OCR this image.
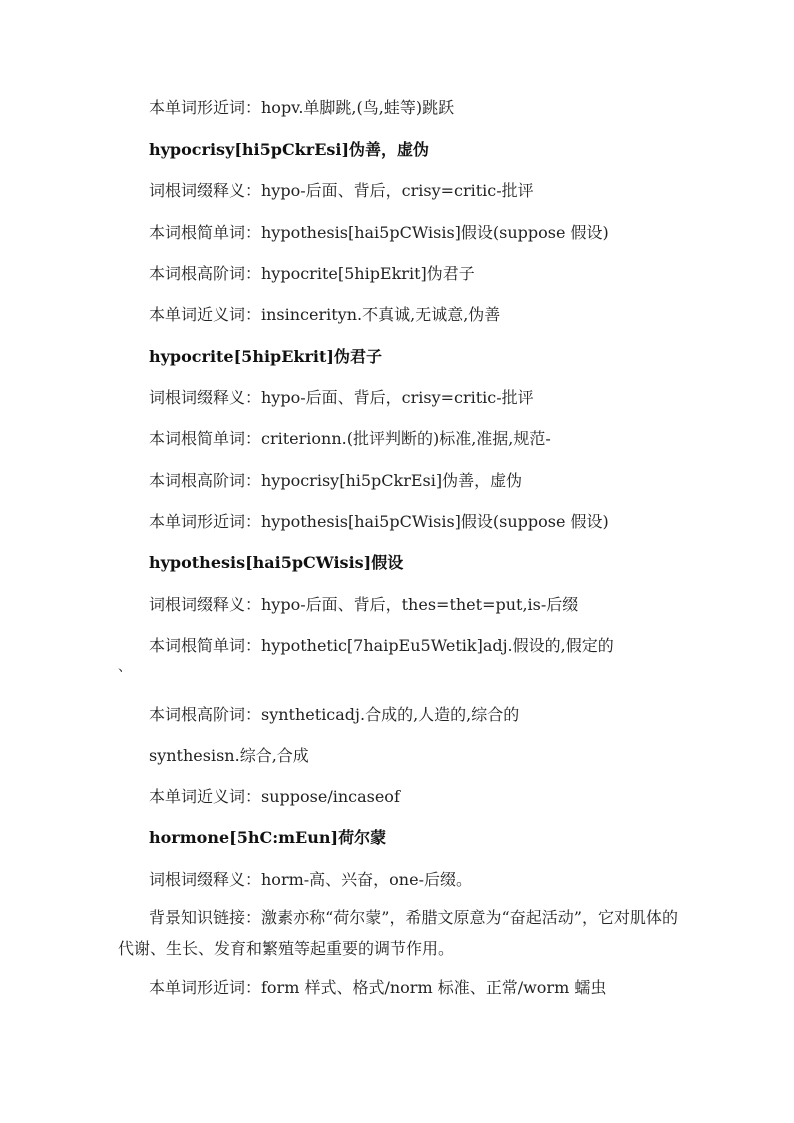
本单词形近词：hopv.单脚跳,(鸟,蛙等)跳跃
hypocrisy[hi5pCkrEsi]伪善，虚伪
词根词缀释义：hypo-后面、背后，crisy=critic-批评
本词根简单词：hypothesis[hai5pCWisis]假设(suppose 假设)
本词根高阶词：hypocrite[5hipEkrit]伪君子
本单词近义词：insincerityn.不真诚,无诚意,伪善
hypocrite[5hipEkrit]伪君子
词根词缀释义：hypo-后面、背后，crisy=critic-批评
本词根简单词：criterionn.(批评判断的)标准,准据,规范-
本词根高阶词：hypocrisy[hi5pCkrEsi]伪善，虚伪
本单词形近词：hypothesis[hai5pCWisis]假设(suppose 假设)
hypothesis[hai5pCWisis]假设
词根词缀释义：hypo-后面、背后，thes=thet=put,is-后缀
本词根简单词：hypothetic[7haipEu5Wetik]adj.假设的,假定的
、
本词根高阶词：syntheticadj.合成的,人造的,综合的
synthesisn.综合,合成
本单词近义词：suppose/incaseof
hormone[5hC:mEun]荷尔蒙
词根词缀释义：horm-高、兴奋，one-后缀。
背景知识链接：激素亦称“荷尔蒙”，希腊文原意为“奋起活动”，它对肌体的代谢、生长、发育和繁殖等起重要的调节作用。
本单词形近词：form 样式、格式/norm 标准、正常/worm 蠕虫
